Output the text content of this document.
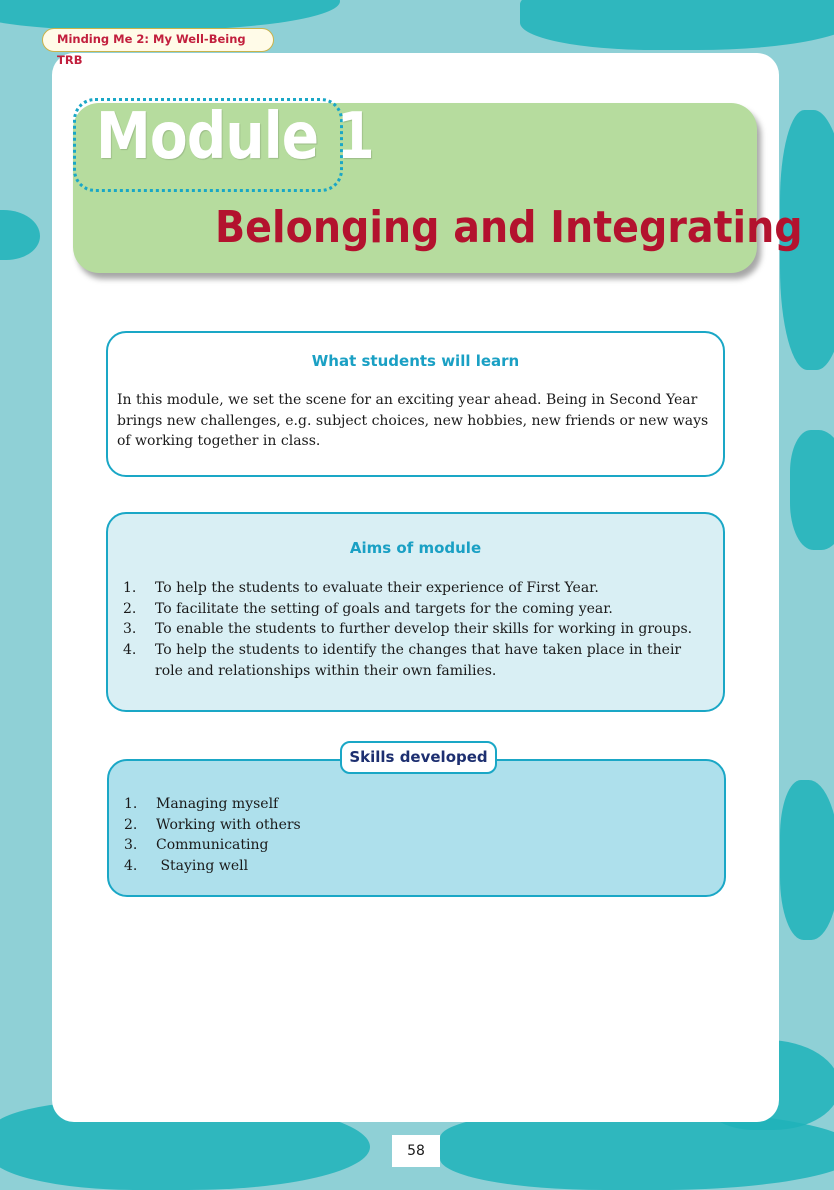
Minding Me 2: My Well-Being TRB
Module 1
Belonging and Integrating
What students will learn
In this module, we set the scene for an exciting year ahead. Being in Second Year brings new challenges, e.g. subject choices, new hobbies, new friends or new ways of working together in class.
Aims of module
1.	To help the students to evaluate their experience of First Year.
2.	To facilitate the setting of goals and targets for the coming year.
3.	To enable the students to further develop their skills for working in groups.
4.	To help the students to identify the changes that have taken place in their role and relationships within their own families.
1.	Managing myself
2.	Working with others
3.	Communicating
4.	Staying well
Skills developed
58
